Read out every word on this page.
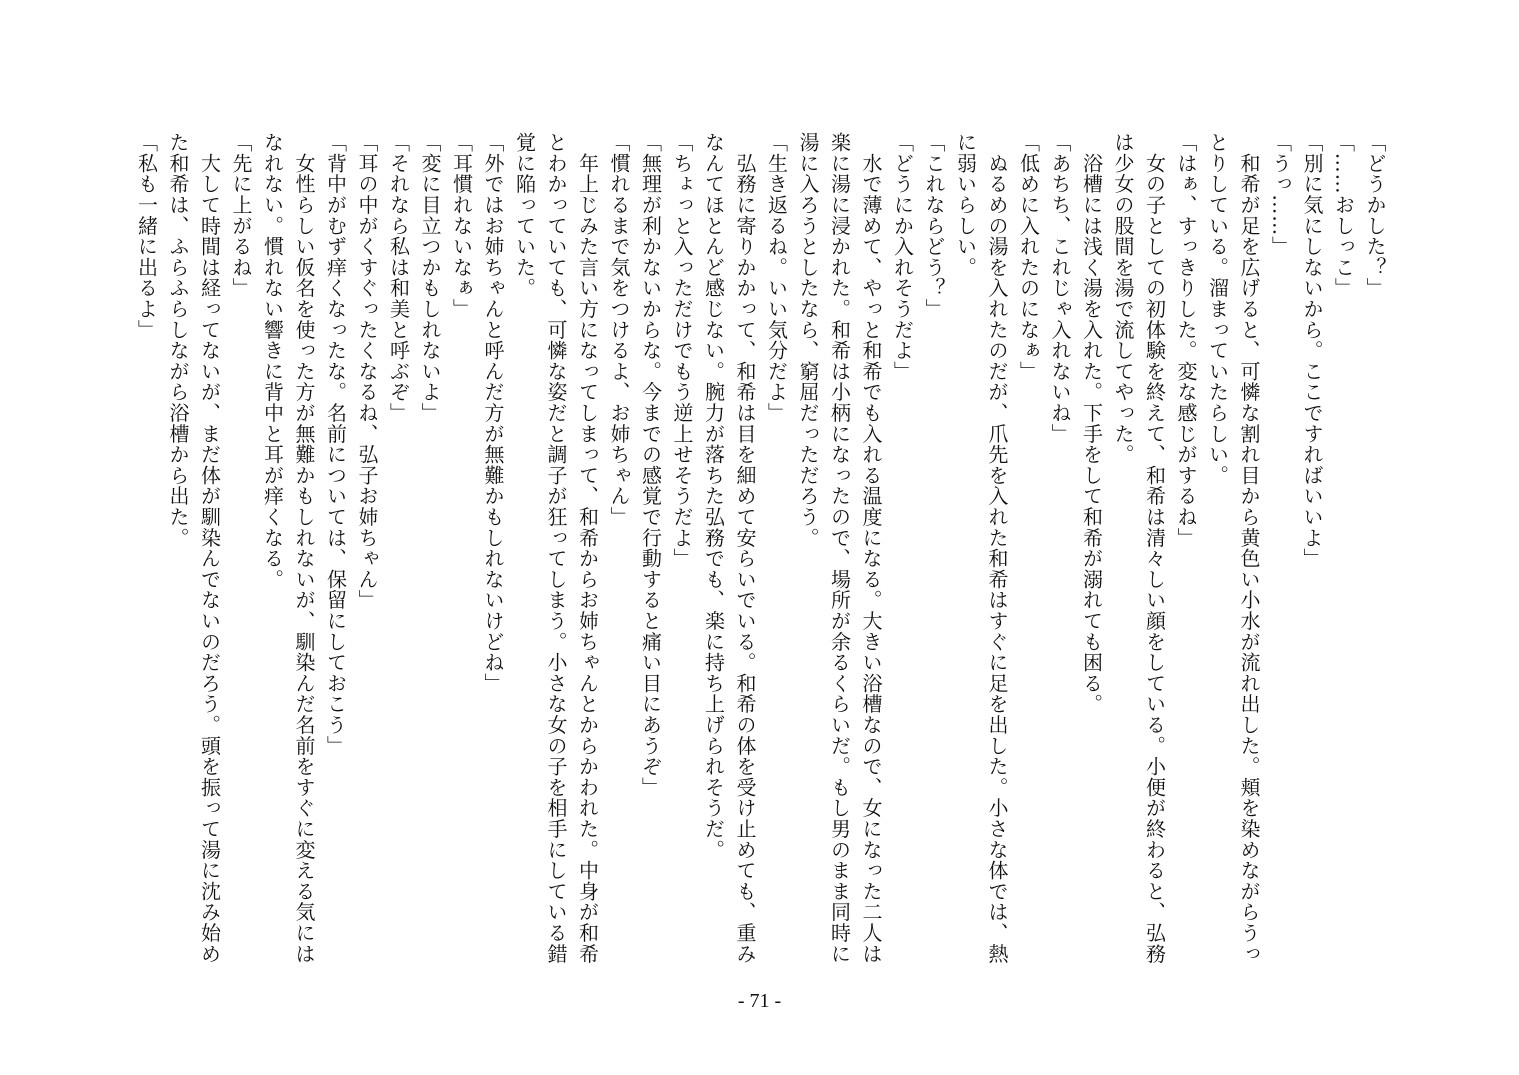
「どうかした？」
「……おしっこ」
「別に気にしないから。ここですればいいよ」
「うっ……」
　和希が足を広げると、可憐な割れ目から黄色い小水が流れ出した。頬を染めながらうっ
とりしている。溜まっていたらしい。
「はぁ、すっきりした。変な感じがするね」
　女の子としての初体験を終えて、和希は清々しい顔をしている。小便が終わると、弘務
は少女の股間を湯で流してやった。
　浴槽には浅く湯を入れた。下手をして和希が溺れても困る。
「あちち、これじゃ入れないね」
「低めに入れたのになぁ」
　ぬるめの湯を入れたのだが、爪先を入れた和希はすぐに足を出した。小さな体では、熱
に弱いらしい。
「これならどう？」
「どうにか入れそうだよ」
　水で薄めて、やっと和希でも入れる温度になる。大きい浴槽なので、女になった二人は
楽に湯に浸かれた。和希は小柄になったので、場所が余るくらいだ。もし男のまま同時に
湯に入ろうとしたなら、窮屈だっただろう。
「生き返るね。いい気分だよ」
　弘務に寄りかかって、和希は目を細めて安らいでいる。和希の体を受け止めても、重み
なんてほとんど感じない。腕力が落ちた弘務でも、楽に持ち上げられそうだ。
「ちょっと入っただけでもう逆上せそうだよ」
「無理が利かないからな。今までの感覚で行動すると痛い目にあうぞ」
「慣れるまで気をつけるよ、お姉ちゃん」
　年上じみた言い方になってしまって、和希からお姉ちゃんとからかわれた。中身が和希
とわかっていても、可憐な姿だと調子が狂ってしまう。小さな女の子を相手にしている錯
覚に陥っていた。
「外ではお姉ちゃんと呼んだ方が無難かもしれないけどね」
「耳慣れないなぁ」
「変に目立つかもしれないよ」
「それなら私は和美と呼ぶぞ」
「耳の中がくすぐったくなるね、弘子お姉ちゃん」
「背中がむず痒くなったな。名前については、保留にしておこう」
　女性らしい仮名を使った方が無難かもしれないが、馴染んだ名前をすぐに変える気には
なれない。慣れない響きに背中と耳が痒くなる。
「先に上がるね」
　大して時間は経ってないが、まだ体が馴染んでないのだろう。頭を振って湯に沈み始め
た和希は、ふらふらしながら浴槽から出た。
「私も一緒に出るよ」
- 71 -
